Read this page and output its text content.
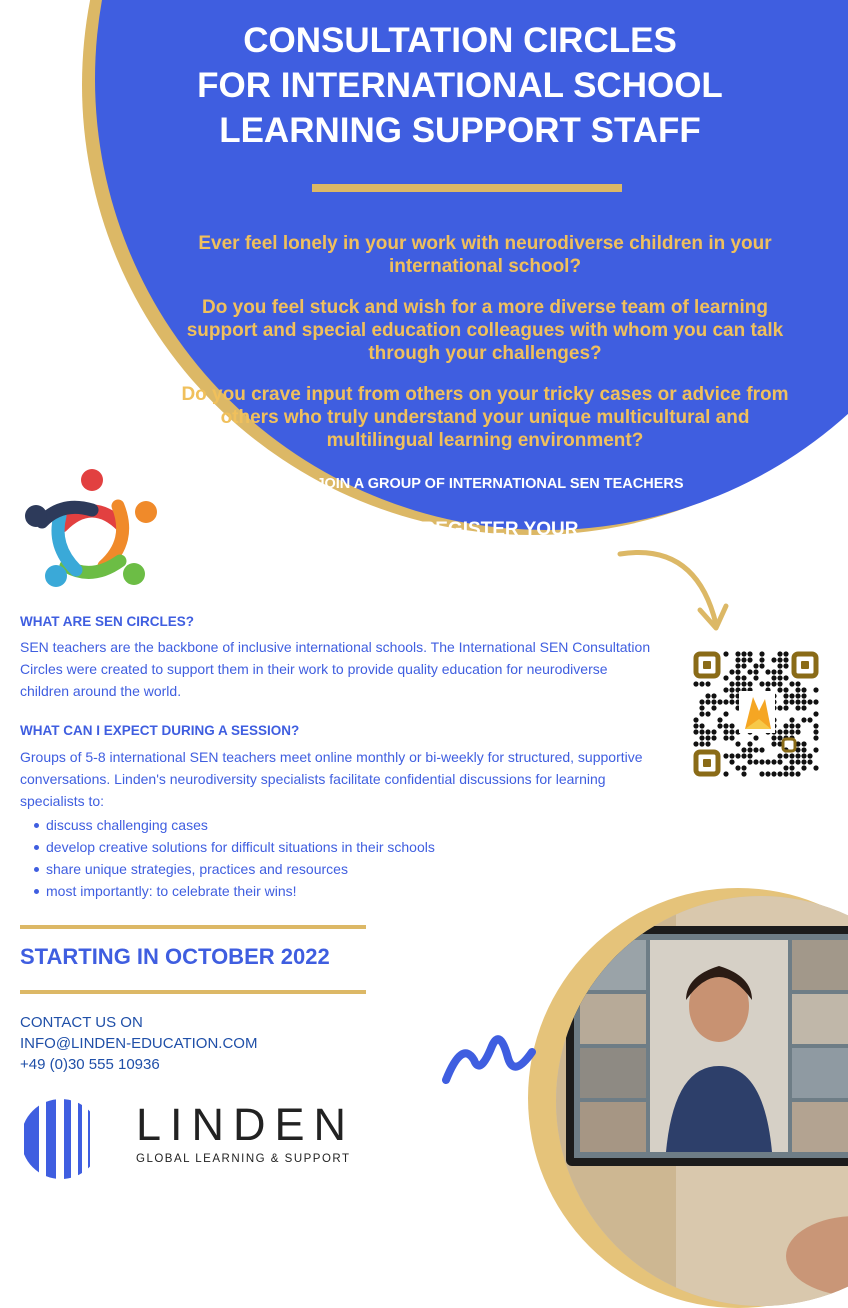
CONSULTATION CIRCLES
FOR INTERNATIONAL SCHOOL
LEARNING SUPPORT STAFF
Ever feel lonely in your work with neurodiverse children in your international school?
Do you feel stuck and wish for a more diverse team of learning support and special education colleagues with whom you can talk through your challenges?
Do you crave input from others on your tricky cases or advice from others who truly understand your unique multicultural and multilingual learning environment?
JOIN A GROUP OF INTERNATIONAL SEN TEACHERS
REGISTER YOUR
INTEREST TODAY!
WHAT ARE SEN CIRCLES?
SEN teachers are the backbone of inclusive international schools. The International SEN Consultation Circles were created to support them in their work to provide quality education for neurodiverse children around the world.
WHAT CAN I EXPECT DURING A SESSION?
Groups of 5-8 international SEN teachers meet online monthly or bi-weekly for structured, supportive conversations. Linden's neurodiversity specialists facilitate confidential discussions for learning specialists to:
discuss challenging cases
develop creative solutions for difficult situations in their schools
share unique strategies, practices and resources
most importantly: to celebrate their wins!
STARTING IN OCTOBER 2022
CONTACT US ON
INFO@LINDEN-EDUCATION.COM
+49 (0)30 555 10936
LINDEN
GLOBAL LEARNING & SUPPORT
